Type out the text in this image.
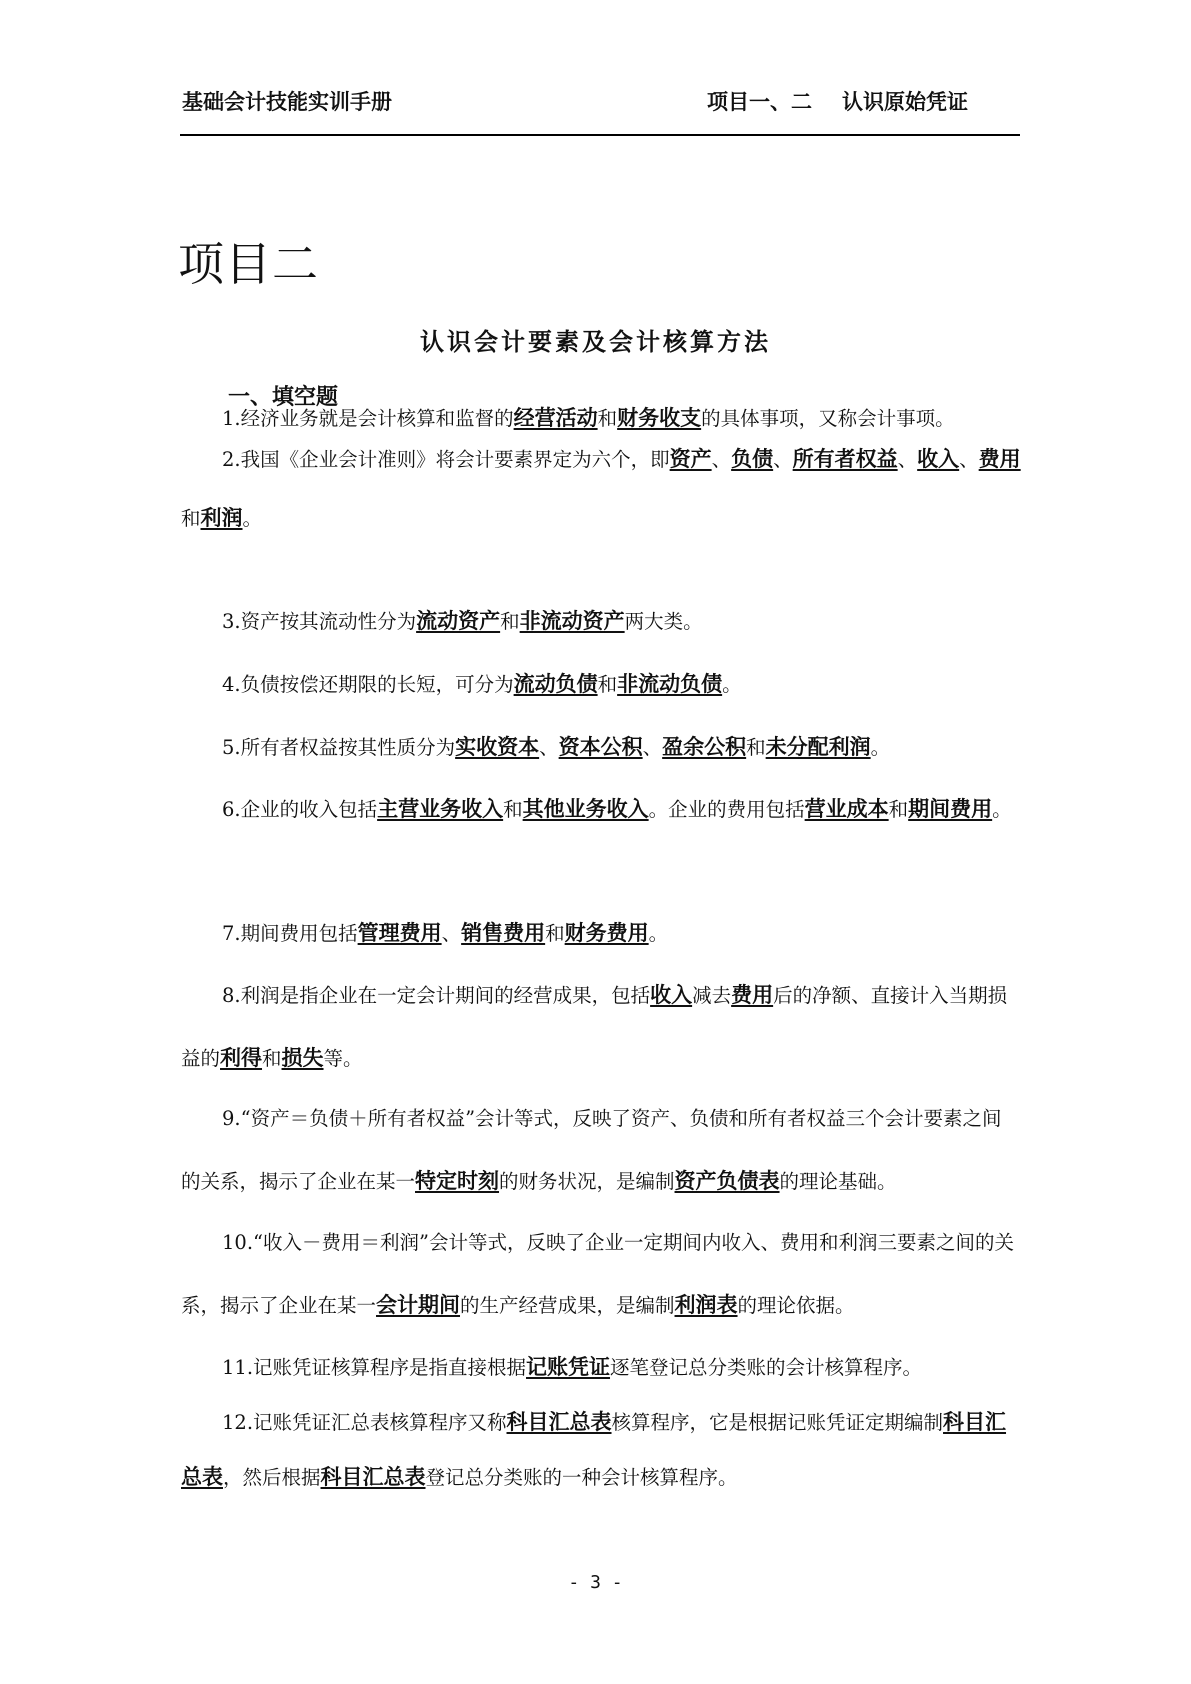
基础会计技能实训手册	项目一、二 认识原始凭证
项目二
认识会计要素及会计核算方法
一、填空题

1.经济业务就是会计核算和监督的经营活动和财务收支的具体事项，又称会计事项。

2.我国《企业会计准则》将会计要素界定为六个，即资产、负债、所有者权益、收入、费用和利润。

3.资产按其流动性分为流动资产和非流动资产两大类。

4.负债按偿还期限的长短，可分为流动负债和非流动负债。

5.所有者权益按其性质分为实收资本、资本公积、盈余公积和未分配利润。

6.企业的收入包括主营业务收入和其他业务收入。企业的费用包括营业成本和期间费用。

7.期间费用包括管理费用、销售费用和财务费用。

8.利润是指企业在一定会计期间的经营成果，包括收入减去费用后的净额、直接计入当期损益的利得和损失等。

9.“资产＝负债＋所有者权益”会计等式，反映了资产、负债和所有者权益三个会计要素之间的关系，揭示了企业在某一特定时刻的财务状况，是编制资产负债表的理论基础。

10.“收入－费用＝利润”会计等式，反映了企业一定期间内收入、费用和利润三要素之间的关系，揭示了企业在某一会计期间的生产经营成果，是编制利润表的理论依据。

11.记账凭证核算程序是指直接根据记账凭证逐笔登记总分类账的会计核算程序。

12.记账凭证汇总表核算程序又称科目汇总表核算程序，它是根据记账凭证定期编制科目汇总表，然后根据科目汇总表登记总分类账的一种会计核算程序。

- 3 -
